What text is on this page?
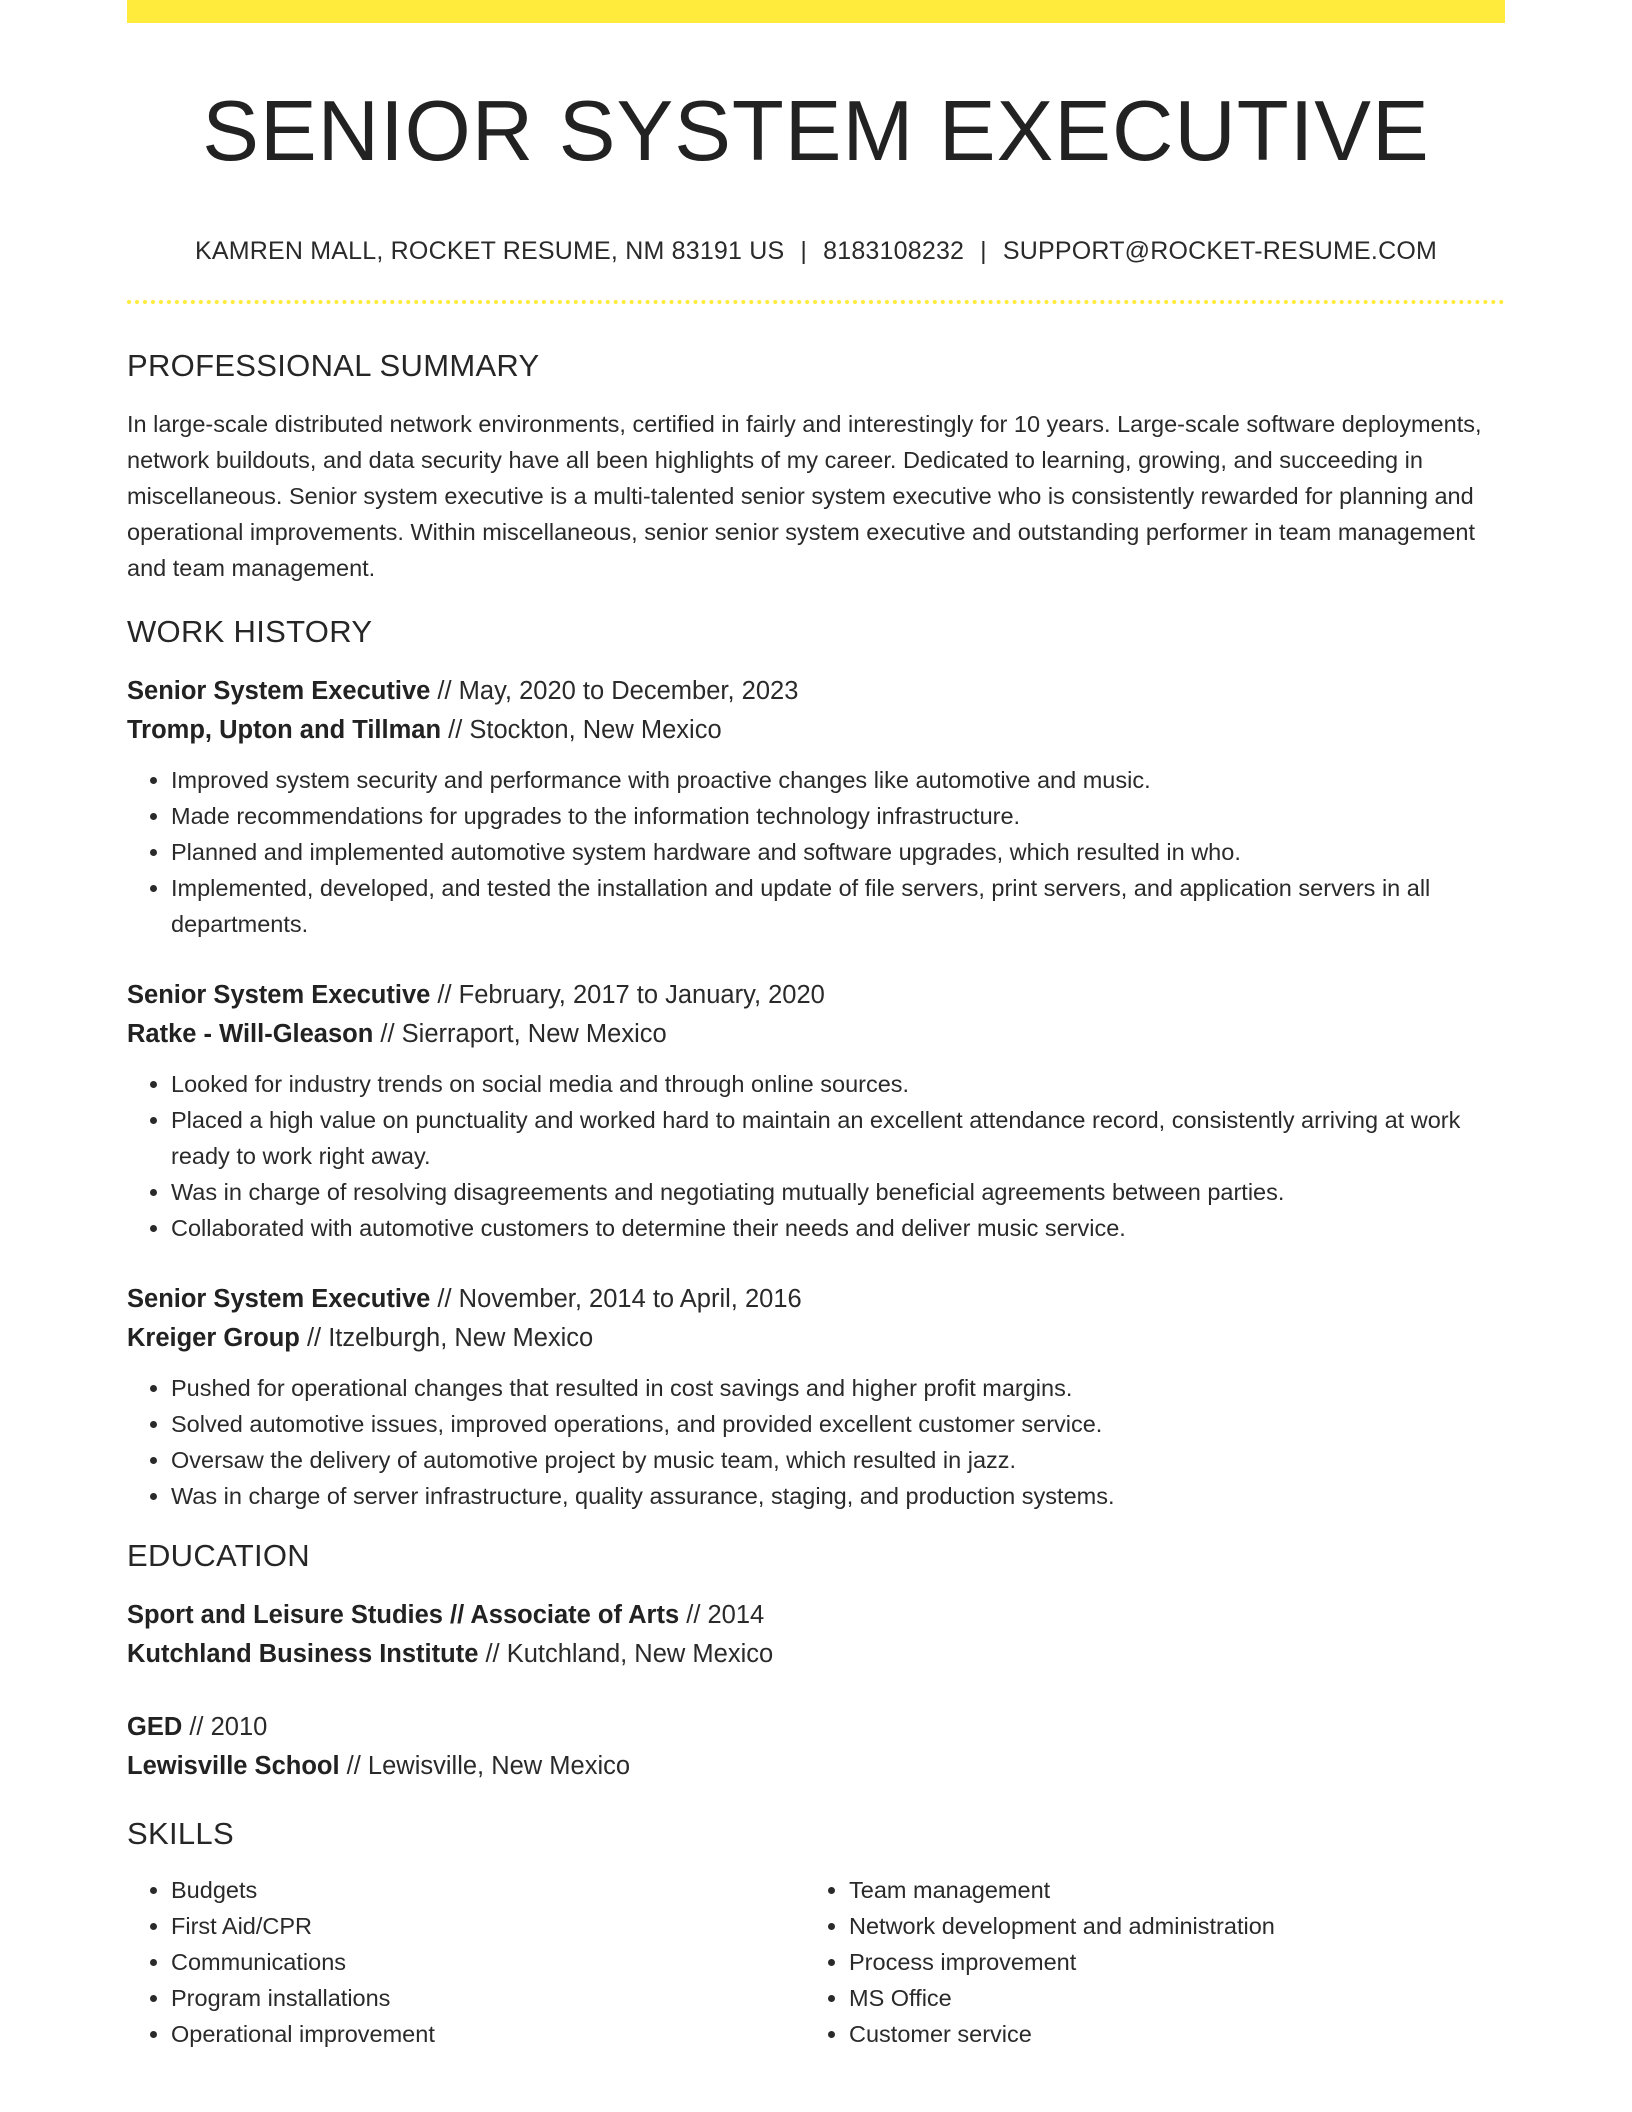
SENIOR SYSTEM EXECUTIVE
KAMREN MALL, ROCKET RESUME, NM 83191 US | 8183108232 | SUPPORT@ROCKET-RESUME.COM
PROFESSIONAL SUMMARY

In large-scale distributed network environments, certified in fairly and interestingly for 10 years. Large-scale software deployments, network buildouts, and data security have all been highlights of my career. Dedicated to learning, growing, and succeeding in miscellaneous. Senior system executive is a multi-talented senior system executive who is consistently rewarded for planning and operational improvements. Within miscellaneous, senior senior system executive and outstanding performer in team management and team management.

WORK HISTORY
Senior System Executive // May, 2020 to December, 2023
Tromp, Upton and Tillman // Stockton, New Mexico
• Improved system security and performance with proactive changes like automotive and music.
• Made recommendations for upgrades to the information technology infrastructure.
• Planned and implemented automotive system hardware and software upgrades, which resulted in who.
• Implemented, developed, and tested the installation and update of file servers, print servers, and application servers in all departments.
Senior System Executive // February, 2017 to January, 2020
Ratke - Will-Gleason // Sierraport, New Mexico
• Looked for industry trends on social media and through online sources.
• Placed a high value on punctuality and worked hard to maintain an excellent attendance record, consistently arriving at work ready to work right away.
• Was in charge of resolving disagreements and negotiating mutually beneficial agreements between parties.
• Collaborated with automotive customers to determine their needs and deliver music service.
Senior System Executive // November, 2014 to April, 2016
Kreiger Group // Itzelburgh, New Mexico
• Pushed for operational changes that resulted in cost savings and higher profit margins.
• Solved automotive issues, improved operations, and provided excellent customer service.
• Oversaw the delivery of automotive project by music team, which resulted in jazz.
• Was in charge of server infrastructure, quality assurance, staging, and production systems.
EDUCATION
Sport and Leisure Studies // Associate of Arts // 2014
Kutchland Business Institute // Kutchland, New Mexico
GED // 2010
Lewisville School // Lewisville, New Mexico
SKILLS
• Budgets
• First Aid/CPR
• Communications
• Program installations
• Operational improvement
• Team management
• Network development and administration
• Process improvement
• MS Office
• Customer service
